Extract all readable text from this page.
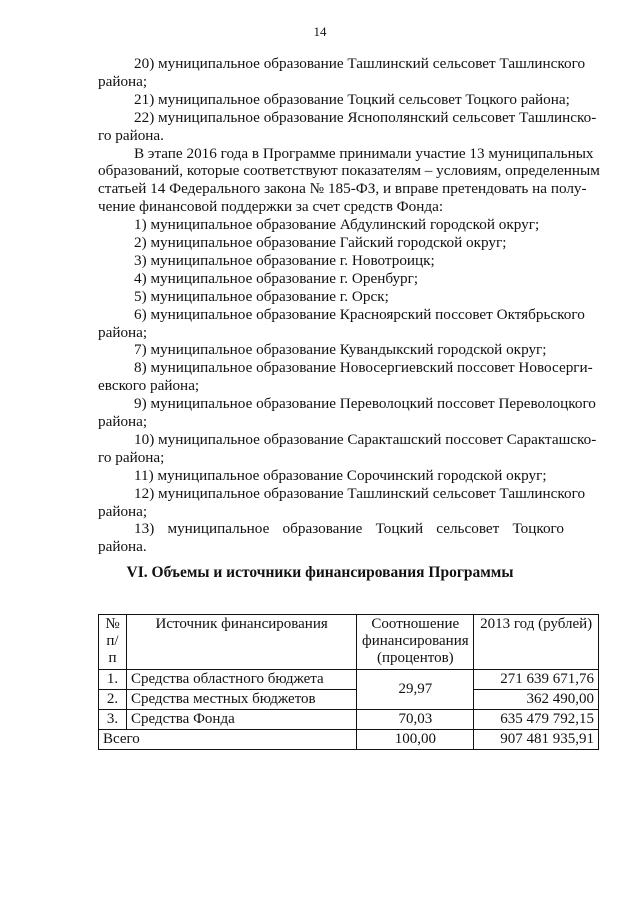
14
20) муниципальное образование Ташлинский сельсовет Ташлинского
района;
21) муниципальное образование Тоцкий сельсовет Тоцкого района;
22) муниципальное образование Яснополянский сельсовет Ташлинско-
го района.
В этапе 2016 года в Программе принимали участие 13 муниципальных
образований, которые соответствуют показателям – условиям, определенным
статьей 14 Федерального закона № 185-ФЗ, и вправе претендовать на полу-
чение финансовой поддержки за счет средств Фонда:
1) муниципальное образование Абдулинский городской округ;
2) муниципальное образование Гайский городской округ;
3) муниципальное образование г. Новотроицк;
4) муниципальное образование г. Оренбург;
5) муниципальное образование г. Орск;
6) муниципальное образование Красноярский поссовет Октябрьского
района;
7) муниципальное образование Кувандыкский городской округ;
8) муниципальное образование Новосергиевский поссовет Новосерги-
евского района;
9) муниципальное образование Переволоцкий поссовет Переволоцкого
района;
10) муниципальное образование Саракташский поссовет Саракташско-
го района;
11) муниципальное образование Сорочинский городской округ;
12) муниципальное образование Ташлинский сельсовет Ташлинского
района;
13) муниципальное образование Тоцкий сельсовет Тоцкого
района.
VI. Объемы и источники финансирования Программы
№ п/п	Источник финансирования	Соотношение финансирования (процентов)	2013 год (рублей)
1.	Средства областного бюджета	29,97	271 639 671,76
2.	Средства местных бюджетов		362 490,00
3.	Средства Фонда	70,03	635 479 792,15
Всего		100,00	907 481 935,91
